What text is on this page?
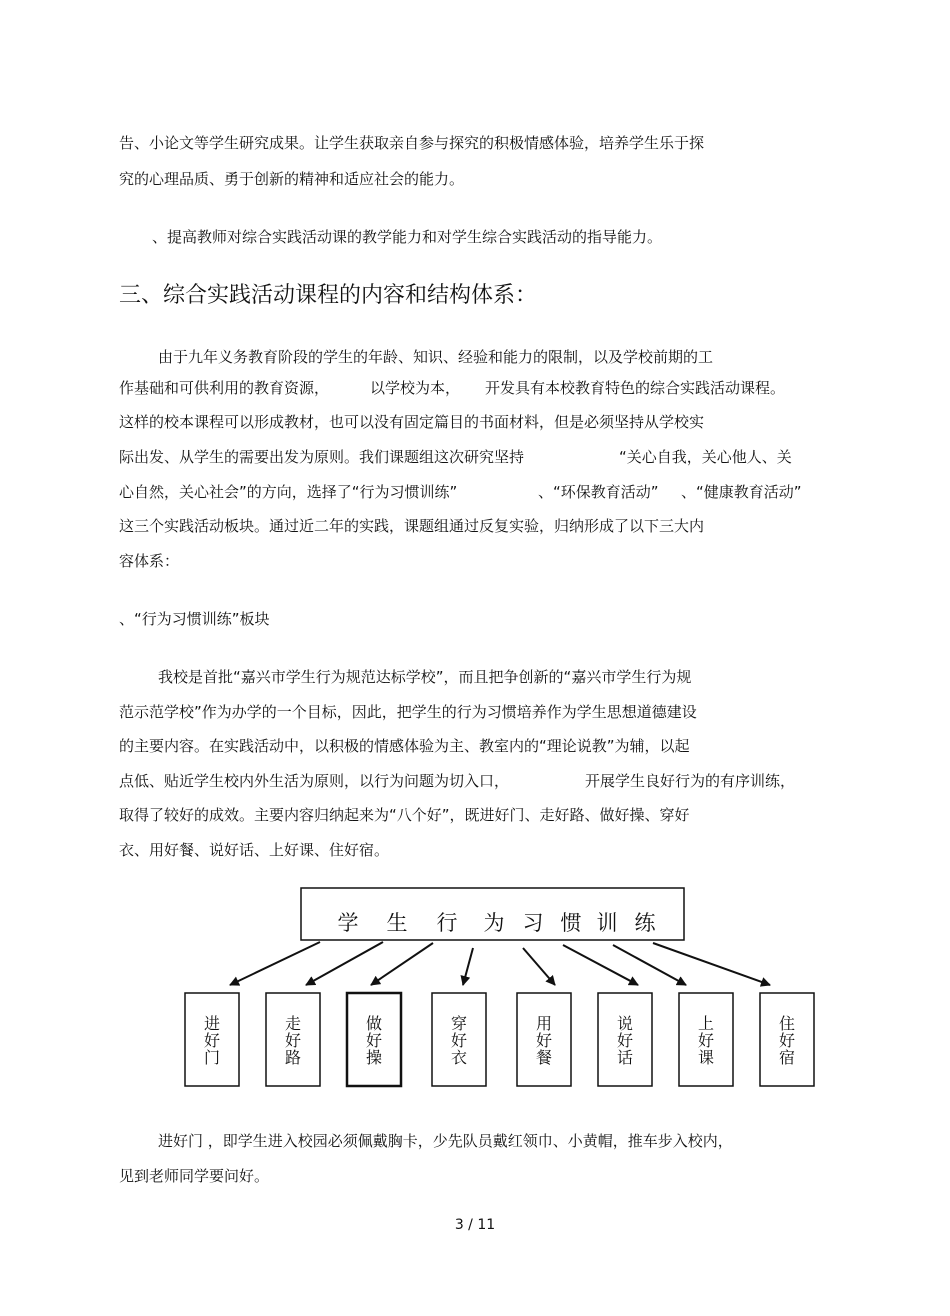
告、小论文等学生研究成果。让学生获取亲自参与探究的积极情感体验，培养学生乐于探
究的心理品质、勇于创新的精神和适应社会的能力。
、提高教师对综合实践活动课的教学能力和对学生综合实践活动的指导能力。
三、综合实践活动课程的内容和结构体系：
由于九年义务教育阶段的学生的年龄、知识、经验和能力的限制，以及学校前期的工
作基础和可供利用的教育资源，	以学校为本， 开发具有本校教育特色的综合实践活动课程。
这样的校本课程可以形成教材，也可以没有固定篇目的书面材料，但是必须坚持从学校实
际出发、从学生的需要出发为原则。我们课题组这次研究坚持	“关心自我，关心他人、关
心自然，关心社会”的方向，选择了“行为习惯训练”	、“环保教育活动” 、“健康教育活动”
这三个实践活动板块。通过近二年的实践，课题组通过反复实验，归纳形成了以下三大内
容体系：
、“行为习惯训练”板块
我校是首批“嘉兴市学生行为规范达标学校”，而且把争创新的“嘉兴市学生行为规
范示范学校”作为办学的一个目标，因此，把学生的行为习惯培养作为学生思想道德建设
的主要内容。在实践活动中，以积极的情感体验为主、教室内的“理论说教”为辅，以起
点低、贴近学生校内外生活为原则，以行为问题为切入口，	开展学生良好行为的有序训练，
取得了较好的成效。主要内容归纳起来为“八个好”，既进好门、走好路、做好操、穿好
衣、用好餐、说好话、上好课、住好宿。
学 生 行 为 习 惯 训 练
进
好
门
走
好
路
做
好
操
穿
好
衣
用
好
餐
说
好
话
上
好
课
住
好
宿
进好门 ，即学生进入校园必须佩戴胸卡，少先队员戴红领巾、小黄帽，推车步入校内，
见到老师同学要问好。
3 / 11
